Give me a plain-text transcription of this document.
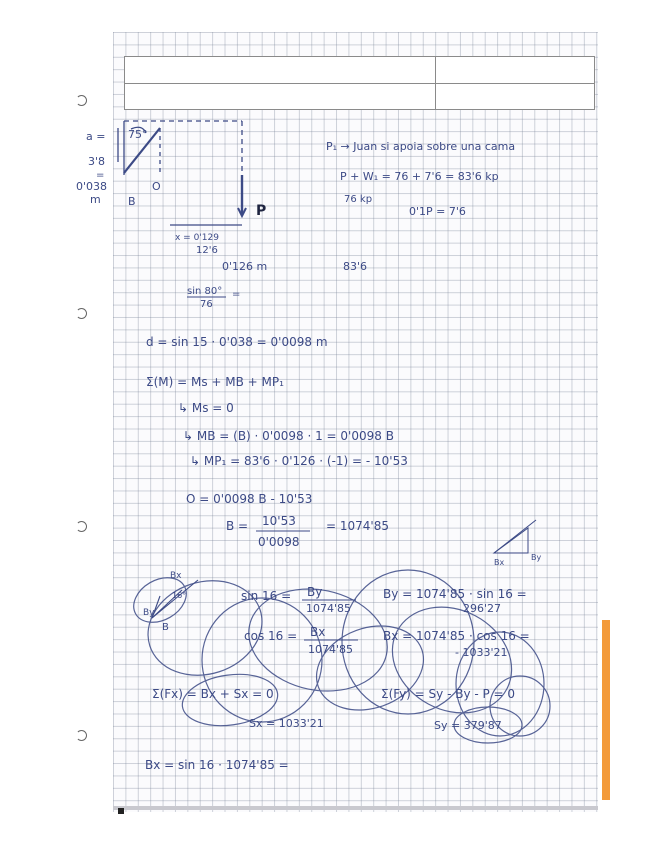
a =
3'8
=
0'038
m
75°
B
O
P
x = 0'129
12'6
0'126 m	83'6
sin 80°
76
=
P₁ → Juan si apoia sobre una cama
P + W₁ = 76 + 7'6 = 83'6 kp
76 kp
0'1P = 7'6
d = sin 15 · 0'038 = 0'0098 m
Σ(M) = Ms + MB + MP₁
↳ Ms = 0
↳ MB = (B) · 0'0098 · 1 = 0'0098 B
↳ MP₁ = 83'6 · 0'126 · (-1) = - 10'53
O = 0'0098 B - 10'53
B = 10'53
0'0098
= 1074'85
Bx
By
Bx
16°
By
B
sin 16 = By
1074'85
By = 1074'85 · sin 16 =
296'27
cos 16 = Bx
1074'85
Bx = 1074'85 · cos 16 =
- 1033'21
Σ(Fx) = Bx + Sx = 0
Sx = 1033'21
Σ(Fy) = Sy - By - P = 0
Sy = 379'87
Bx = sin 16 · 1074'85 =
